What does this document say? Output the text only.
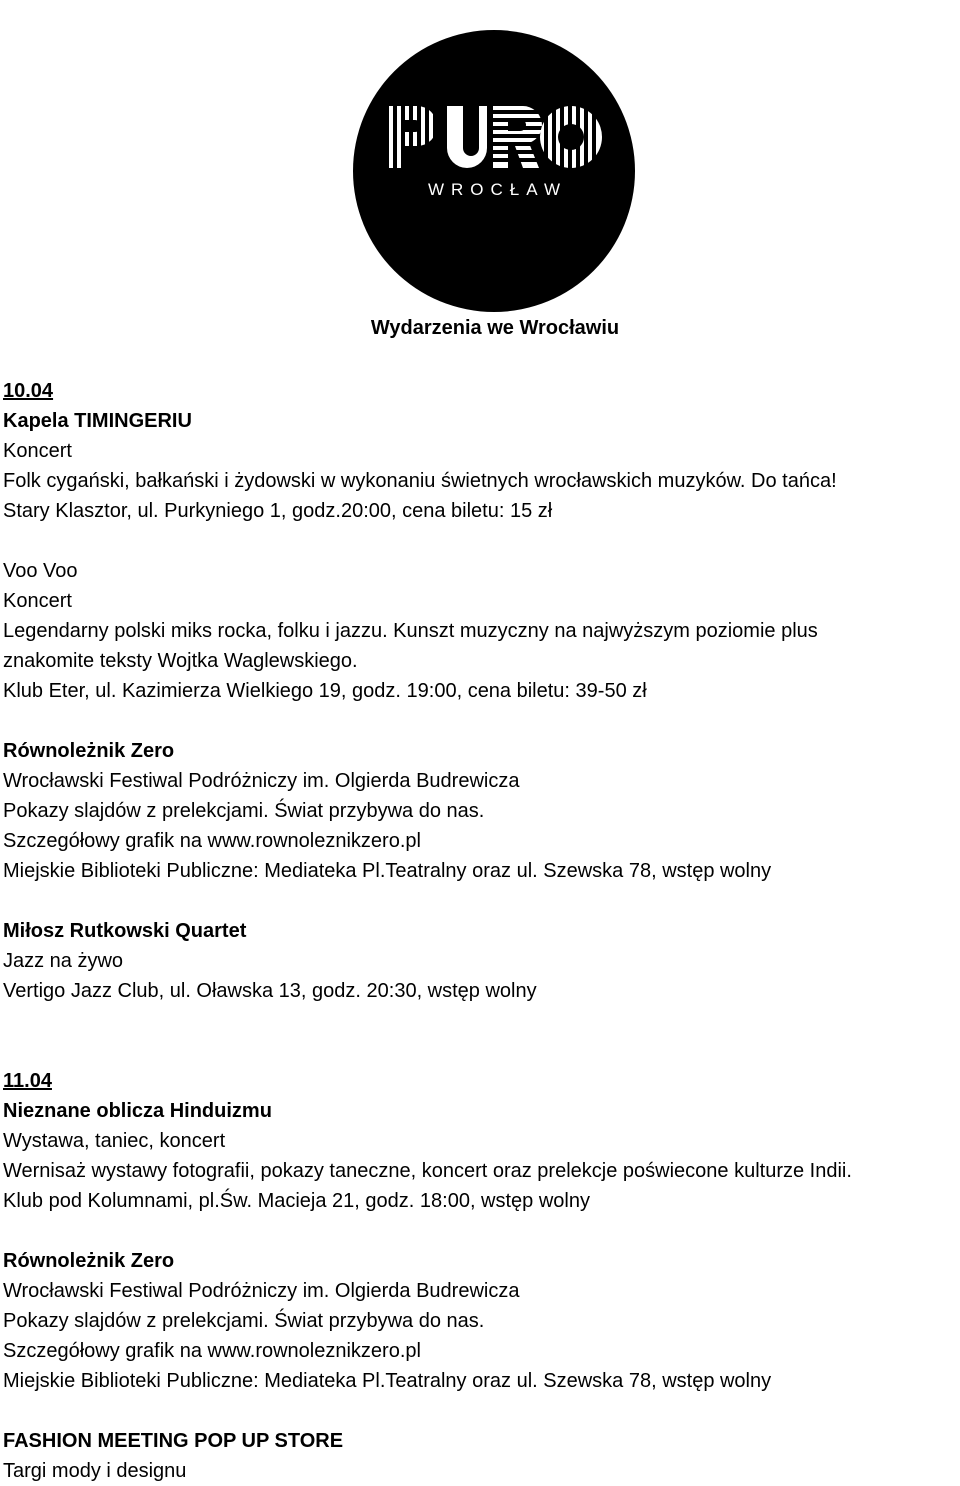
WROCŁAW
Wydarzenia we Wrocławiu
10.04
Kapela TIMINGERIU
Koncert
Folk cygański, bałkański i żydowski w wykonaniu świetnych wrocławskich muzyków. Do tańca!
Stary Klasztor, ul. Purkyniego 1, godz.20:00, cena biletu: 15 zł
Voo Voo
Koncert
Legendarny polski miks rocka, folku i jazzu. Kunszt muzyczny na najwyższym poziomie plus
znakomite teksty Wojtka Waglewskiego.
Klub Eter, ul. Kazimierza Wielkiego 19, godz. 19:00, cena biletu: 39-50 zł
Równoleżnik Zero
Wrocławski Festiwal Podróżniczy im. Olgierda Budrewicza
Pokazy slajdów z prelekcjami. Świat przybywa do nas.
Szczegółowy grafik na www.rownoleznikzero.pl
Miejskie Biblioteki Publiczne: Mediateka Pl.Teatralny oraz ul. Szewska 78, wstęp wolny
Miłosz Rutkowski Quartet
Jazz na żywo
Vertigo Jazz Club, ul. Oławska 13, godz. 20:30, wstęp wolny
11.04
Nieznane oblicza Hinduizmu
Wystawa, taniec, koncert
Wernisaż wystawy fotografii, pokazy taneczne, koncert oraz prelekcje poświecone kulturze Indii.
Klub pod Kolumnami, pl.Św. Macieja 21, godz. 18:00, wstęp wolny
Równoleżnik Zero
Wrocławski Festiwal Podróżniczy im. Olgierda Budrewicza
Pokazy slajdów z prelekcjami. Świat przybywa do nas.
Szczegółowy grafik na www.rownoleznikzero.pl
Miejskie Biblioteki Publiczne: Mediateka Pl.Teatralny oraz ul. Szewska 78, wstęp wolny
FASHION MEETING POP UP STORE
Targi mody i designu
